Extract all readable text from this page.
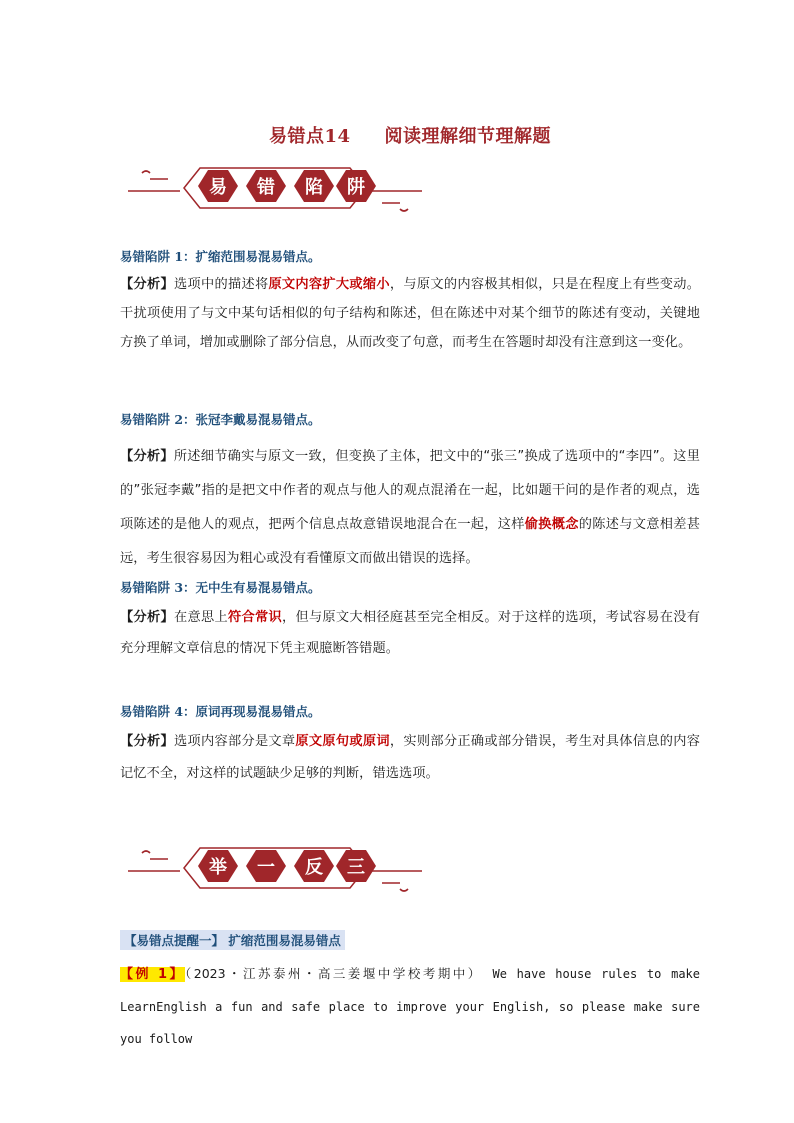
易错点14 阅读理解细节理解题
易	错	陷	阱
易错陷阱 1：扩缩范围易混易错点。
【分析】选项中的描述将原文内容扩大或缩小，与原文的内容极其相似，只是在程度上有些变动。干扰项使用了与文中某句话相似的句子结构和陈述，但在陈述中对某个细节的陈述有变动，关键地方换了单词，增加或删除了部分信息，从而改变了句意，而考生在答题时却没有注意到这一变化。
易错陷阱 2：张冠李戴易混易错点。
【分析】所述细节确实与原文一致，但变换了主体，把文中的“张三”换成了选项中的“李四”。这里的”张冠李戴”指的是把文中作者的观点与他人的观点混淆在一起，比如题干问的是作者的观点，选项陈述的是他人的观点，把两个信息点故意错误地混合在一起，这样偷换概念的陈述与文意相差甚远，考生很容易因为粗心或没有看懂原文而做出错误的选择。
易错陷阱 3：无中生有易混易错点。
【分析】在意思上符合常识，但与原文大相径庭甚至完全相反。对于这样的选项，考试容易在没有充分理解文章信息的情况下凭主观臆断答错题。
易错陷阱 4：原词再现易混易错点。
【分析】选项内容部分是文章原文原句或原词，实则部分正确或部分错误，考生对具体信息的内容记忆不全，对这样的试题缺少足够的判断，错选选项。
举	一	反	三
【易错点提醒一】 扩缩范围易混易错点
【例 1】（2023・江苏泰州・高三姜堰中学校考期中） We have house rules to make LearnEnglish a fun and safe place to improve your English, so please make sure you follow
